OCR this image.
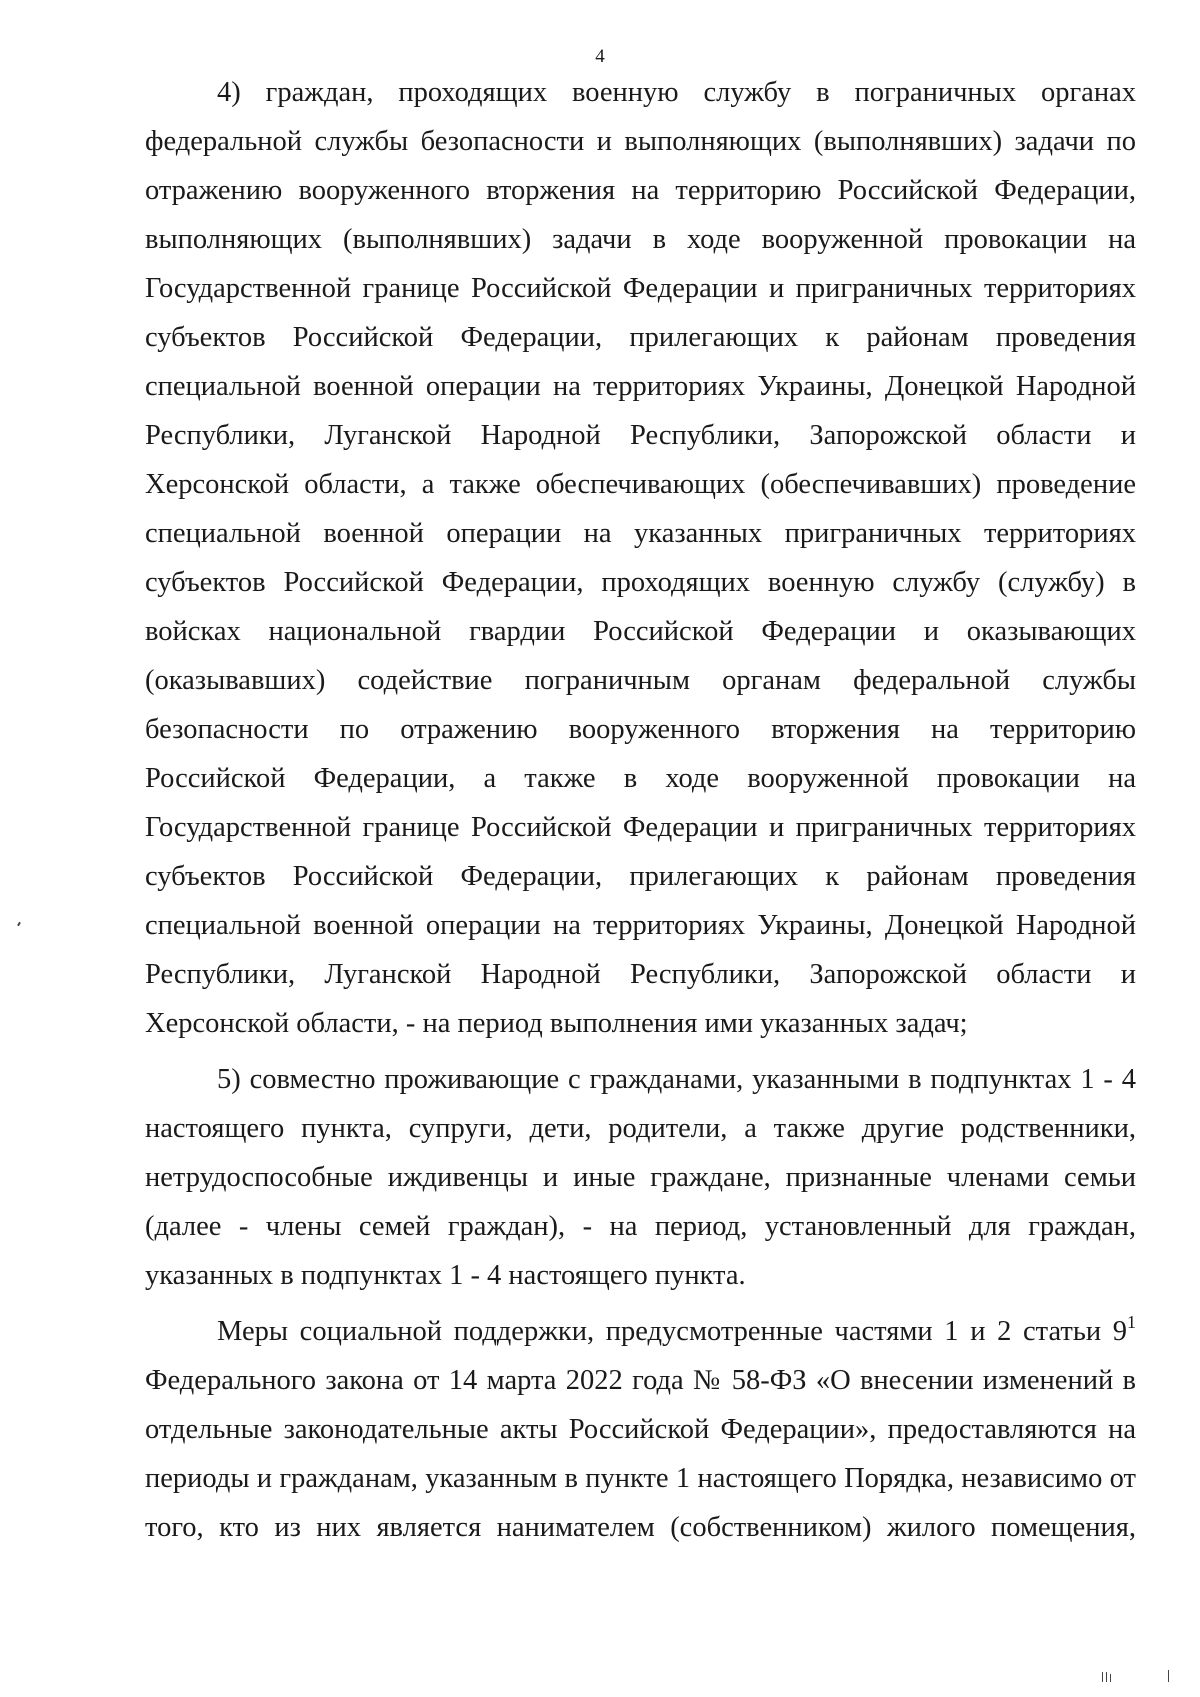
4

4) граждан, проходящих военную службу в пограничных органах федеральной службы безопасности и выполняющих (выполнявших) задачи по отражению вооруженного вторжения на территорию Российской Федерации, выполняющих (выполнявших) задачи в ходе вооруженной провокации на Государственной границе Российской Федерации и приграничных территориях субъектов Российской Федерации, прилегающих к районам проведения специальной военной операции на территориях Украины, Донецкой Народной Республики, Луганской Народной Республики, Запорожской области и Херсонской области, а также обеспечивающих (обеспечивавших) проведение специальной военной операции на указанных приграничных территориях субъектов Российской Федерации, проходящих военную службу (службу) в войсках национальной гвардии Российской Федерации и оказывающих (оказывавших) содействие пограничным органам федеральной службы безопасности по отражению вооруженного вторжения на территорию Российской Федерации, а также в ходе вооруженной провокации на Государственной границе Российской Федерации и приграничных территориях субъектов Российской Федерации, прилегающих к районам проведения специальной военной операции на территориях Украины, Донецкой Народной Республики, Луганской Народной Республики, Запорожской области и Херсонской области, - на период выполнения ими указанных задач;

5) совместно проживающие с гражданами, указанными в подпунктах 1 - 4 настоящего пункта, супруги, дети, родители, а также другие родственники, нетрудоспособные иждивенцы и иные граждане, признанные членами семьи (далее - члены семей граждан), - на период, установленный для граждан, указанных в подпунктах 1 - 4 настоящего пункта.

Меры социальной поддержки, предусмотренные частями 1 и 2 статьи $9^1$ Федерального закона от 14 марта 2022 года № 58-ФЗ «О внесении изменений в отдельные законодательные акты Российской Федерации», предоставляются на периоды и гражданам, указанным в пункте 1 настоящего Порядка, независимо от того, кто из них является нанимателем (собственником) жилого помещения,
